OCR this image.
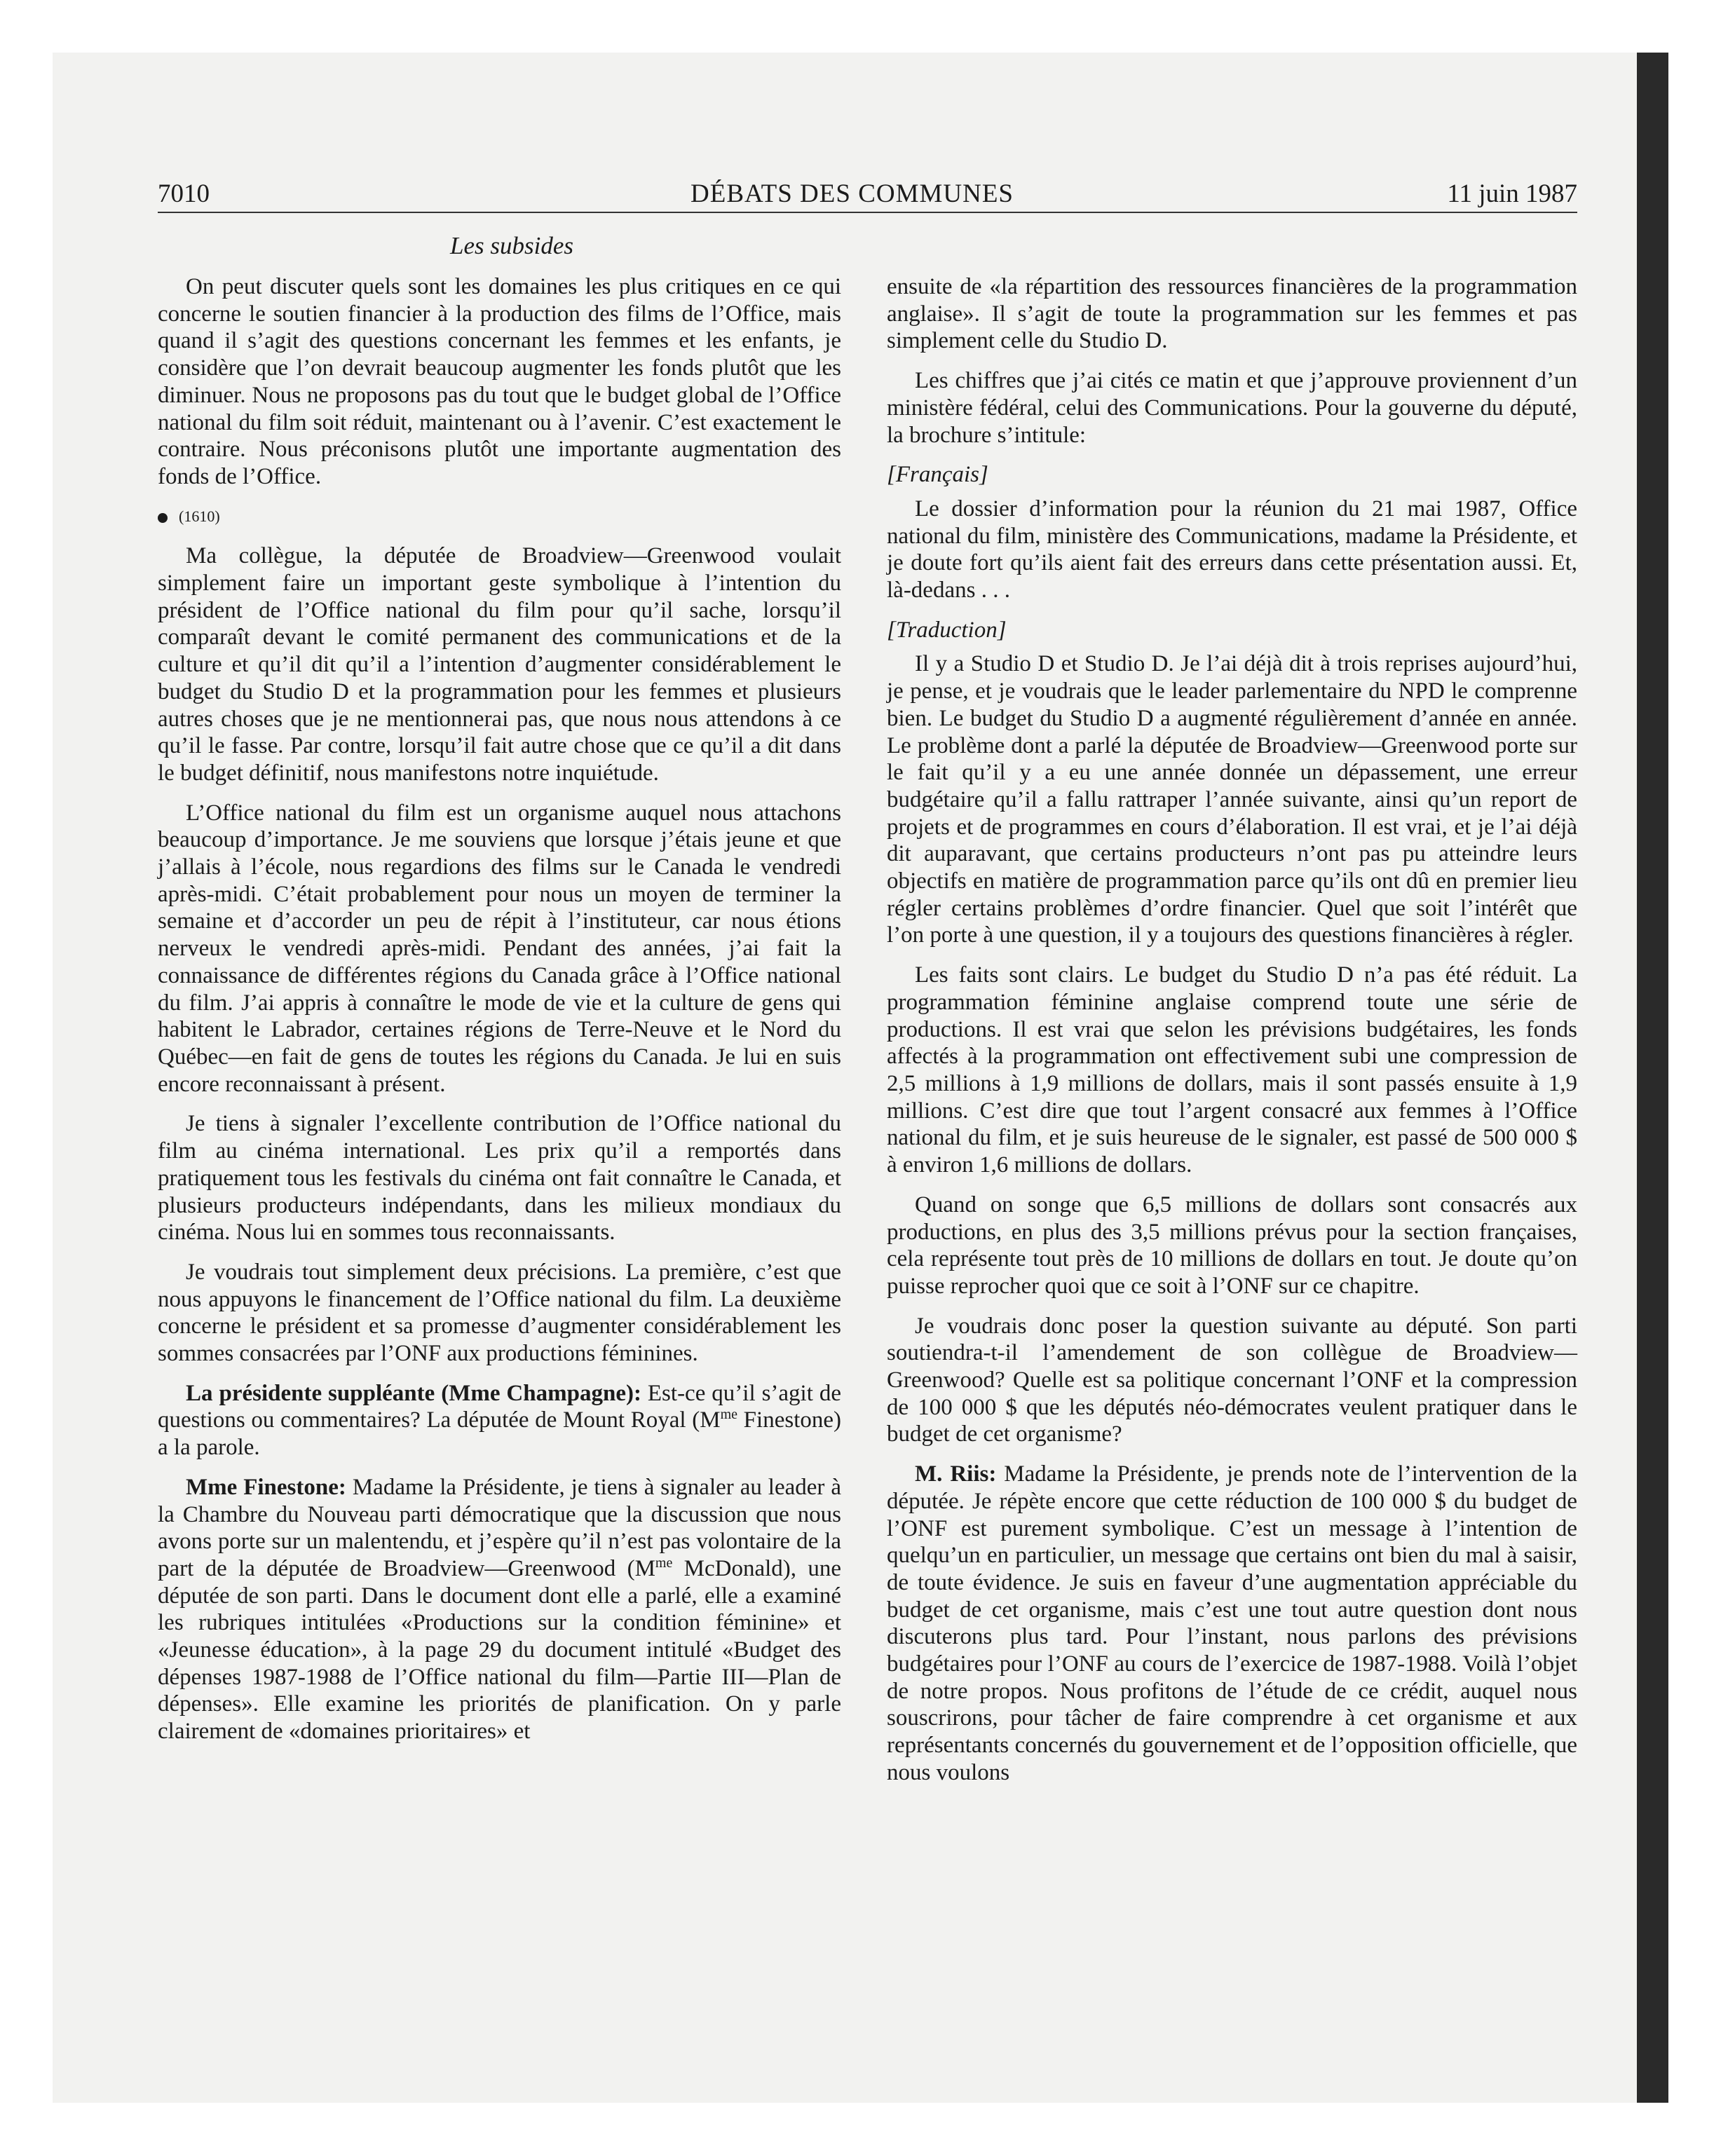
7010	DÉBATS DES COMMUNES	11 juin 1987
Les subsides

On peut discuter quels sont les domaines les plus critiques en ce qui concerne le soutien financier à la production des films de l’Office, mais quand il s’agit des questions concernant les femmes et les enfants, je considère que l’on devrait beaucoup augmenter les fonds plutôt que les diminuer. Nous ne proposons pas du tout que le budget global de l’Office national du film soit réduit, maintenant ou à l’avenir. C’est exactement le contraire. Nous préconisons plutôt une importante augmentation des fonds de l’Office.

(1610)

Ma collègue, la députée de Broadview—Greenwood voulait simplement faire un important geste symbolique à l’intention du président de l’Office national du film pour qu’il sache, lorsqu’il comparaît devant le comité permanent des communications et de la culture et qu’il dit qu’il a l’intention d’augmenter considérablement le budget du Studio D et la programmation pour les femmes et plusieurs autres choses que je ne mentionnerai pas, que nous nous attendons à ce qu’il le fasse. Par contre, lorsqu’il fait autre chose que ce qu’il a dit dans le budget définitif, nous manifestons notre inquiétude.

L’Office national du film est un organisme auquel nous attachons beaucoup d’importance. Je me souviens que lorsque j’étais jeune et que j’allais à l’école, nous regardions des films sur le Canada le vendredi après-midi. C’était probablement pour nous un moyen de terminer la semaine et d’accorder un peu de répit à l’instituteur, car nous étions nerveux le vendredi après-midi. Pendant des années, j’ai fait la connaissance de différentes régions du Canada grâce à l’Office national du film. J’ai appris à connaître le mode de vie et la culture de gens qui habitent le Labrador, certaines régions de Terre-Neuve et le Nord du Québec—en fait de gens de toutes les régions du Canada. Je lui en suis encore reconnaissant à présent.

Je tiens à signaler l’excellente contribution de l’Office national du film au cinéma international. Les prix qu’il a remportés dans pratiquement tous les festivals du cinéma ont fait connaître le Canada, et plusieurs producteurs indépendants, dans les milieux mondiaux du cinéma. Nous lui en sommes tous reconnaissants.

Je voudrais tout simplement deux précisions. La première, c’est que nous appuyons le financement de l’Office national du film. La deuxième concerne le président et sa promesse d’augmenter considérablement les sommes consacrées par l’ONF aux productions féminines.

La présidente suppléante (Mme Champagne): Est-ce qu’il s’agit de questions ou commentaires? La députée de Mount Royal ($M^{me}$ Finestone) a la parole.

Mme Finestone: Madame la Présidente, je tiens à signaler au leader à la Chambre du Nouveau parti démocratique que la discussion que nous avons porte sur un malentendu, et j’espère qu’il n’est pas volontaire de la part de la députée de Broadview—Greenwood ($M^{me}$ McDonald), une députée de son parti. Dans le document dont elle a parlé, elle a examiné les rubriques intitulées «Productions sur la condition féminine» et «Jeunesse éducation», à la page 29 du document intitulé «Budget des dépenses 1987-1988 de l’Office national du film—Partie III—Plan de dépenses». Elle examine les priorités de planification. On y parle clairement de «domaines prioritaires» et

ensuite de «la répartition des ressources financières de la programmation anglaise». Il s’agit de toute la programmation sur les femmes et pas simplement celle du Studio D.

Les chiffres que j’ai cités ce matin et que j’approuve proviennent d’un ministère fédéral, celui des Communications. Pour la gouverne du député, la brochure s’intitule:

[Français]

Le dossier d’information pour la réunion du 21 mai 1987, Office national du film, ministère des Communications, madame la Présidente, et je doute fort qu’ils aient fait des erreurs dans cette présentation aussi. Et, là-dedans . . .

[Traduction]

Il y a Studio D et Studio D. Je l’ai déjà dit à trois reprises aujourd’hui, je pense, et je voudrais que le leader parlementaire du NPD le comprenne bien. Le budget du Studio D a augmenté régulièrement d’année en année. Le problème dont a parlé la députée de Broadview—Greenwood porte sur le fait qu’il y a eu une année donnée un dépassement, une erreur budgétaire qu’il a fallu rattraper l’année suivante, ainsi qu’un report de projets et de programmes en cours d’élaboration. Il est vrai, et je l’ai déjà dit auparavant, que certains producteurs n’ont pas pu atteindre leurs objectifs en matière de programmation parce qu’ils ont dû en premier lieu régler certains problèmes d’ordre financier. Quel que soit l’intérêt que l’on porte à une question, il y a toujours des questions financières à régler.

Les faits sont clairs. Le budget du Studio D n’a pas été réduit. La programmation féminine anglaise comprend toute une série de productions. Il est vrai que selon les prévisions budgétaires, les fonds affectés à la programmation ont effectivement subi une compression de 2,5 millions à 1,9 millions de dollars, mais il sont passés ensuite à 1,9 millions. C’est dire que tout l’argent consacré aux femmes à l’Office national du film, et je suis heureuse de le signaler, est passé de 500 000 $ à environ 1,6 millions de dollars.

Quand on songe que 6,5 millions de dollars sont consacrés aux productions, en plus des 3,5 millions prévus pour la section françaises, cela représente tout près de 10 millions de dollars en tout. Je doute qu’on puisse reprocher quoi que ce soit à l’ONF sur ce chapitre.

Je voudrais donc poser la question suivante au député. Son parti soutiendra-t-il l’amendement de son collègue de Broadview—Greenwood? Quelle est sa politique concernant l’ONF et la compression de 100 000 $ que les députés néo-démocrates veulent pratiquer dans le budget de cet organisme?

M. Riis: Madame la Présidente, je prends note de l’intervention de la députée. Je répète encore que cette réduction de 100 000 $ du budget de l’ONF est purement symbolique. C’est un message à l’intention de quelqu’un en particulier, un message que certains ont bien du mal à saisir, de toute évidence. Je suis en faveur d’une augmentation appréciable du budget de cet organisme, mais c’est une tout autre question dont nous discuterons plus tard. Pour l’instant, nous parlons des prévisions budgétaires pour l’ONF au cours de l’exercice de 1987-1988. Voilà l’objet de notre propos. Nous profitons de l’étude de ce crédit, auquel nous souscrirons, pour tâcher de faire comprendre à cet organisme et aux représentants concernés du gouvernement et de l’opposition officielle, que nous voulons
